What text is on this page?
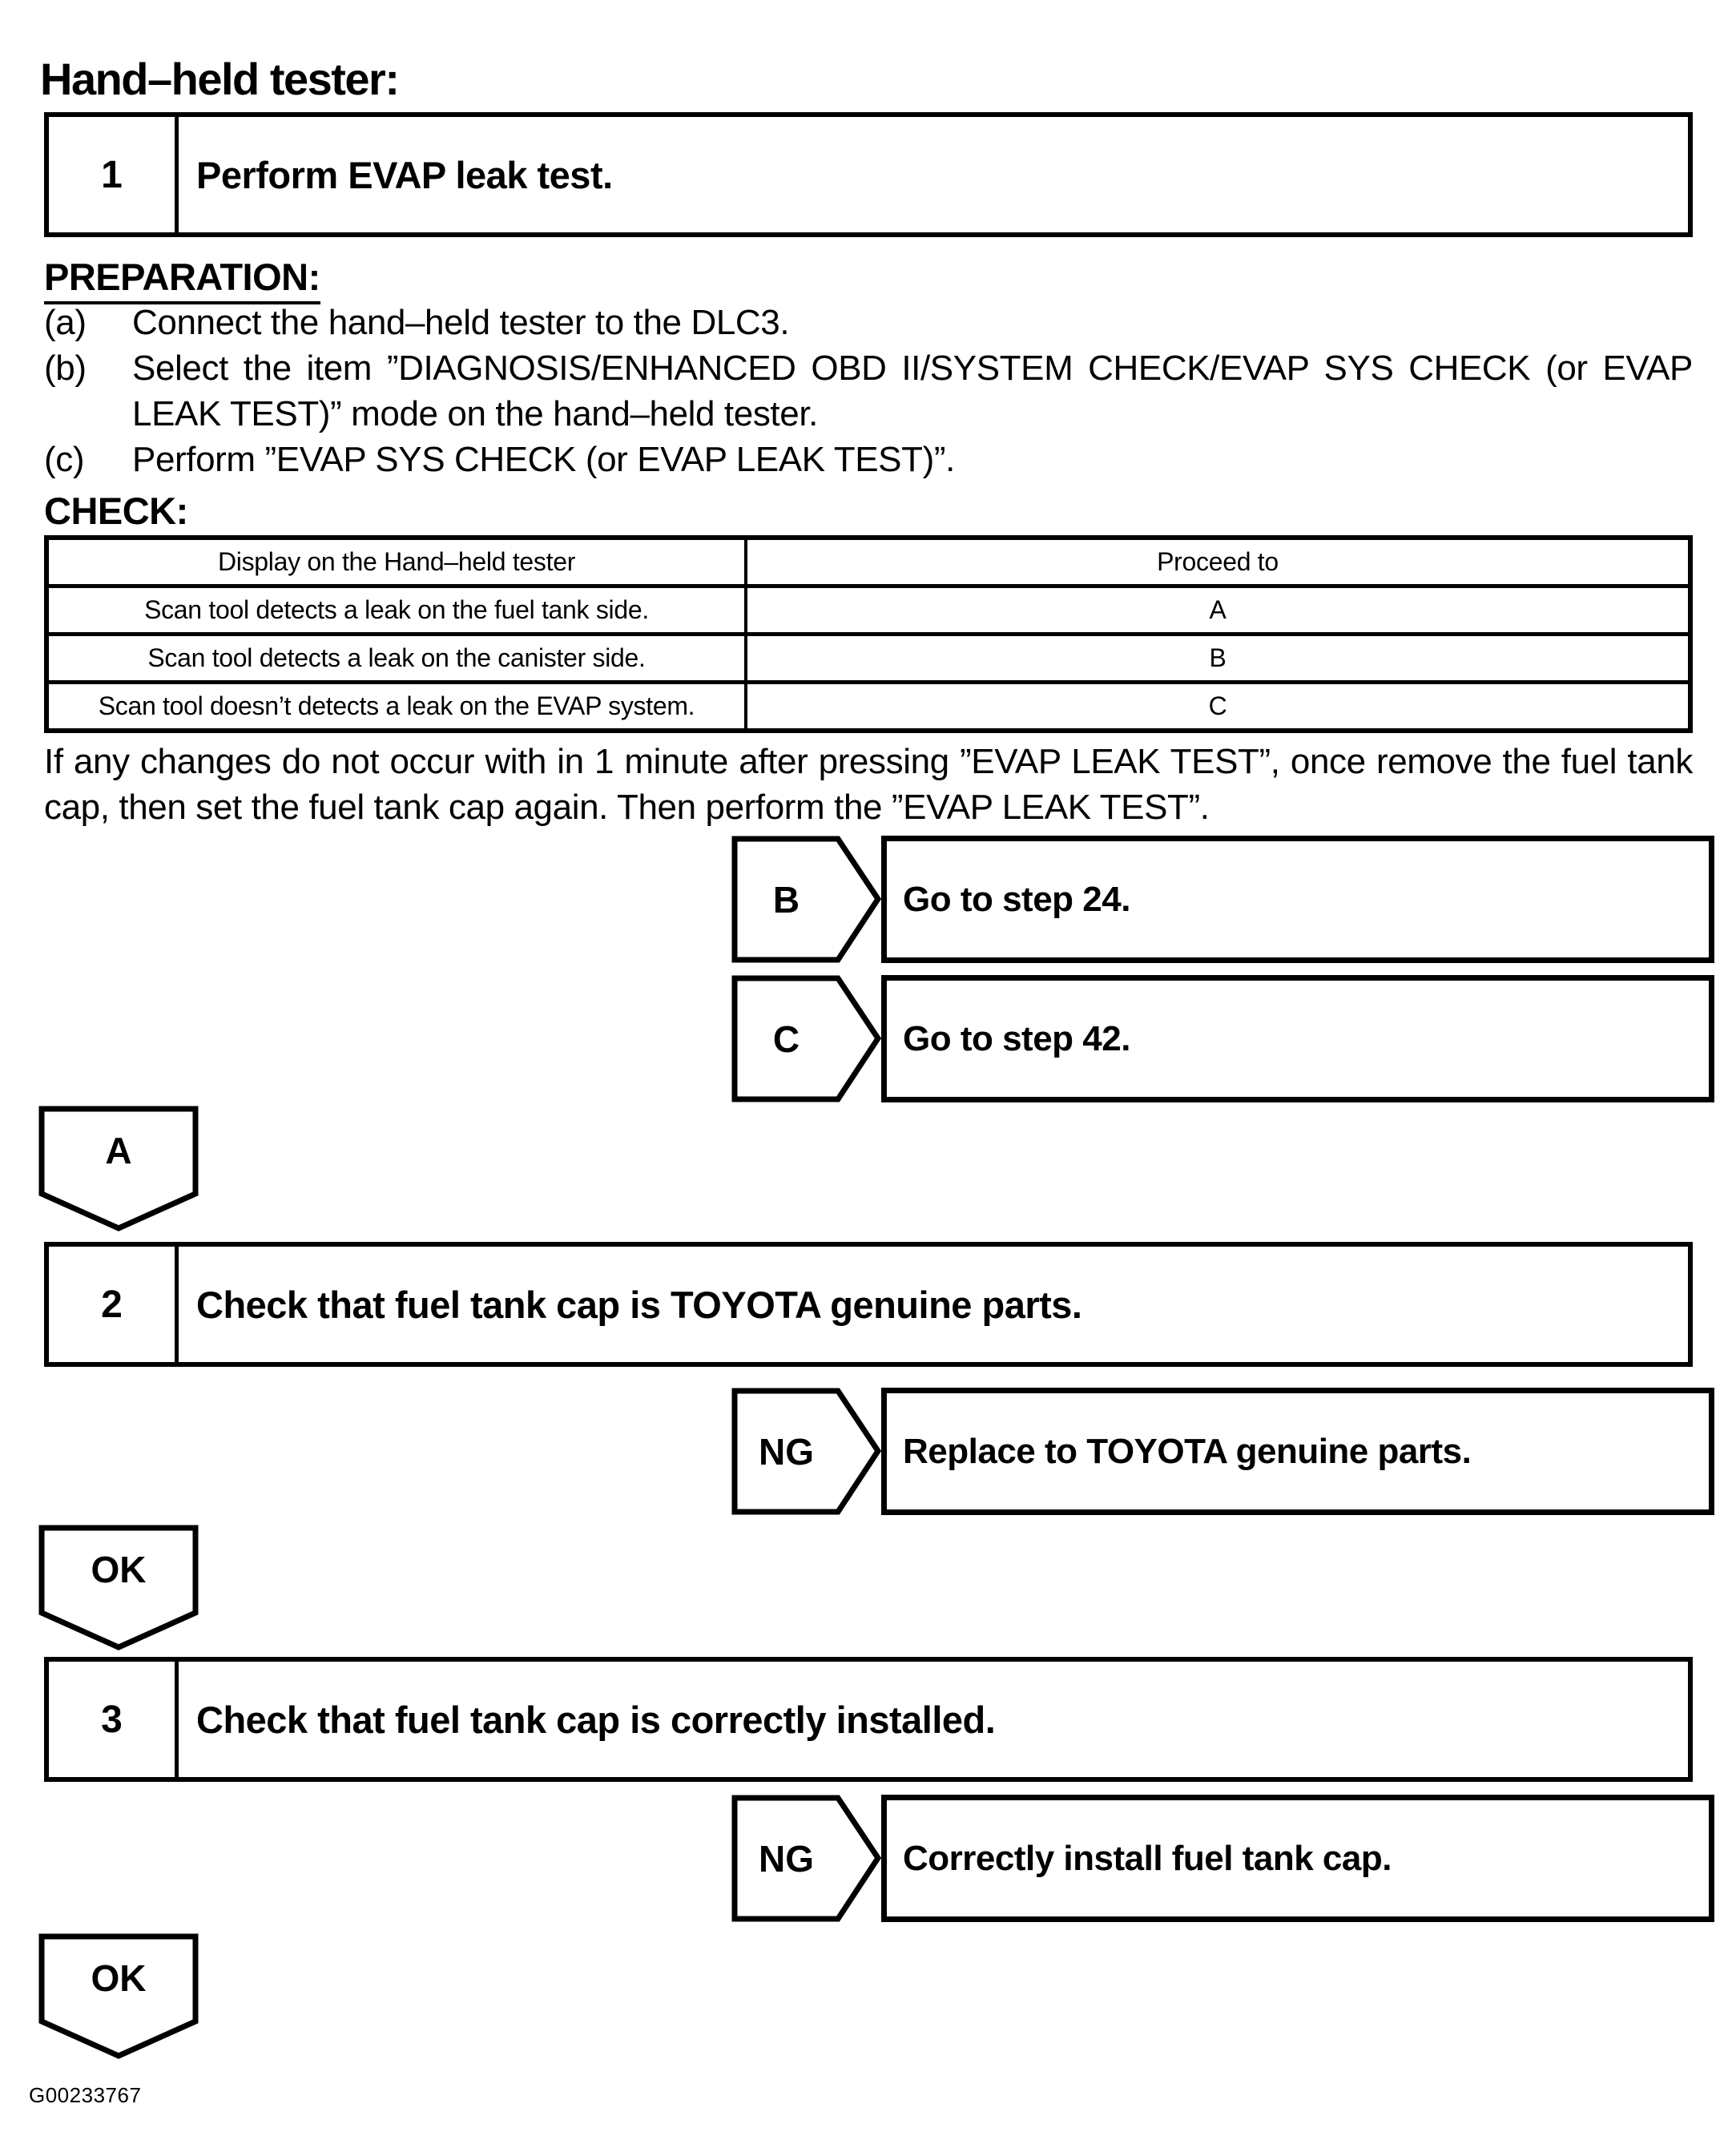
Hand–held tester:
1	Perform EVAP leak test.
PREPARATION:
(a)	Connect the hand–held tester to the DLC3.
(b)	Select the item ”DIAGNOSIS/ENHANCED OBD II/SYSTEM CHECK/EVAP SYS CHECK (or EVAP LEAK TEST)” mode on the hand–held tester.
(c)	Perform ”EVAP SYS CHECK (or EVAP LEAK TEST)”.
CHECK:
Display on the Hand–held tester	Proceed to
Scan tool detects a leak on the fuel tank side.	A
Scan tool detects a leak on the canister side.	B
Scan tool doesn’t detects a leak on the EVAP system.	C
If any changes do not occur with in 1 minute after pressing ”EVAP LEAK TEST”, once remove the fuel tank cap, then set the fuel tank cap again. Then perform the ”EVAP LEAK TEST”.
B	Go to step 24.
C	Go to step 42.
A
2	Check that fuel tank cap is TOYOTA genuine parts.
NG	Replace to TOYOTA genuine parts.
OK
3	Check that fuel tank cap is correctly installed.
NG	Correctly install fuel tank cap.
OK
G00233767
